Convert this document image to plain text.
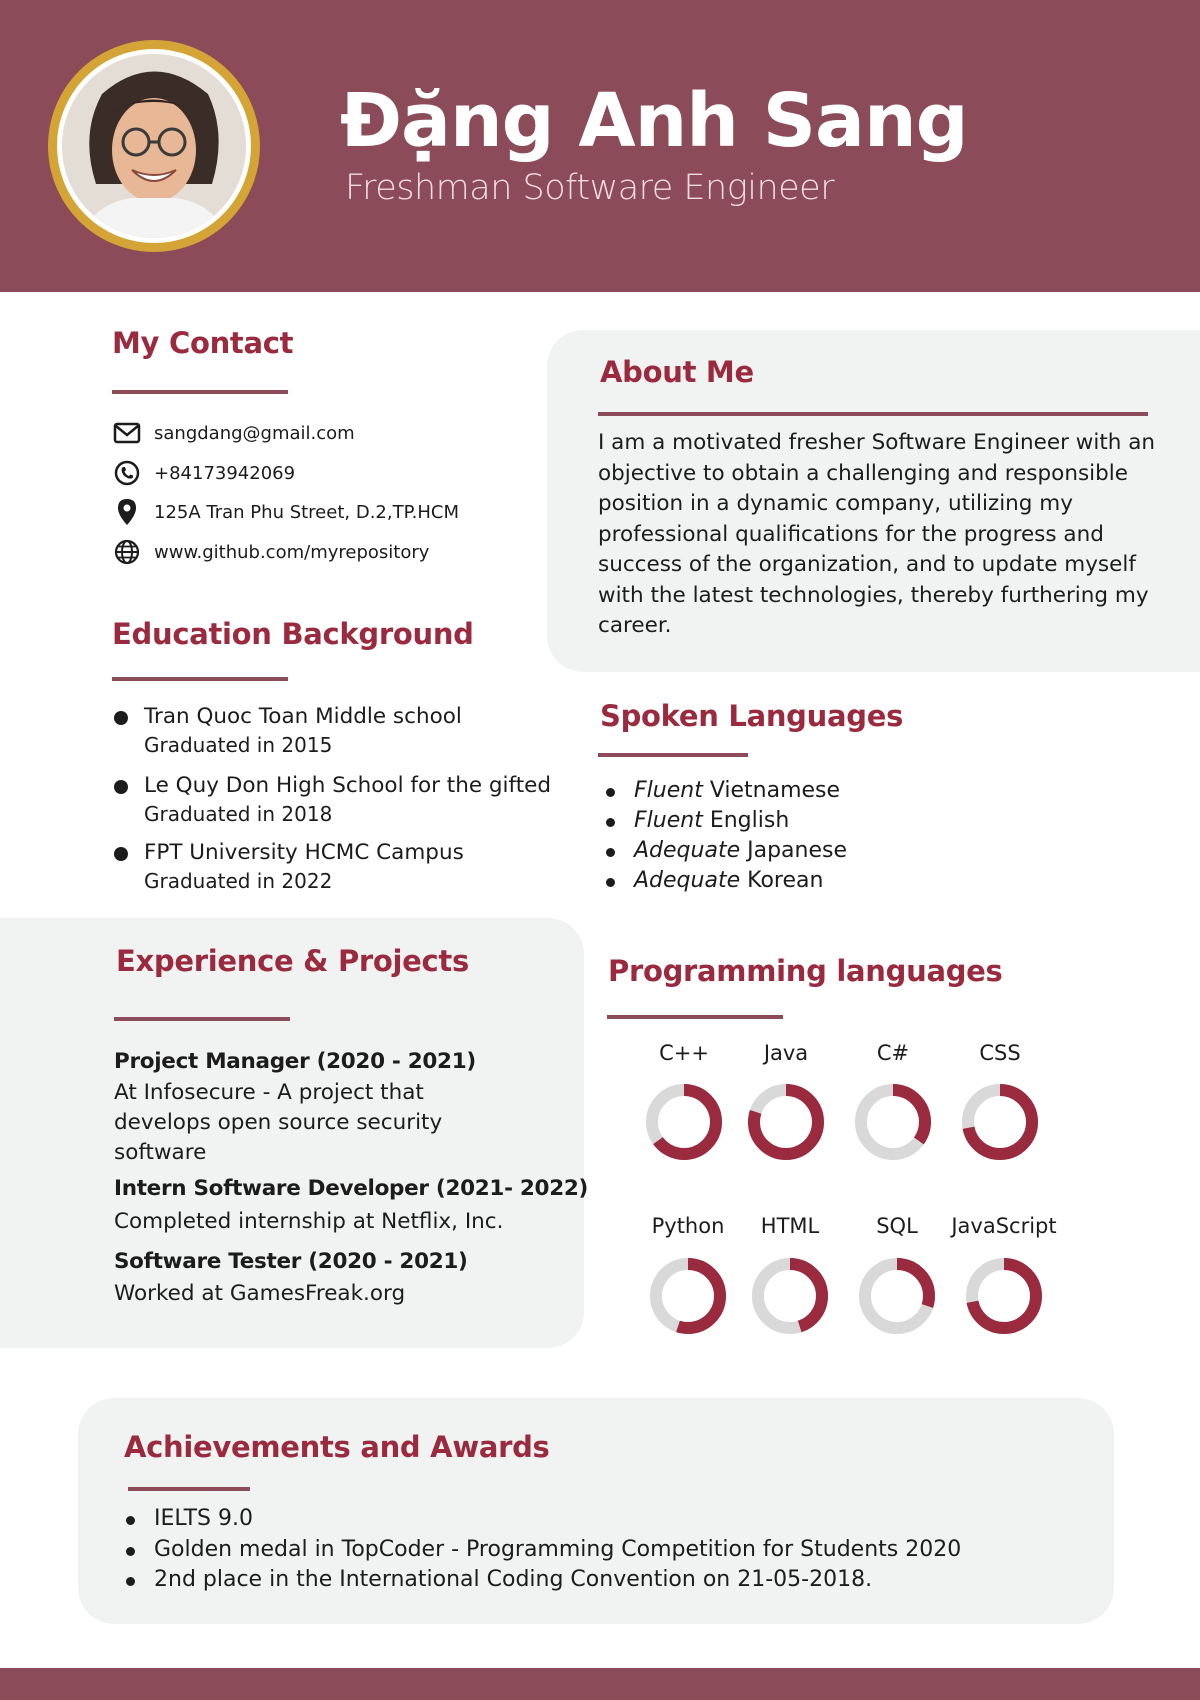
Đặng Anh Sang
Freshman Software Engineer
My Contact
sangdang@gmail.com
+84173942069
125A Tran Phu Street, D.2,TP.HCM
www.github.com/myrepository
About Me
I am a motivated fresher Software Engineer with an objective to obtain a challenging and responsible position in a dynamic company, utilizing my professional qualifications for the progress and success of the organization, and to update myself with the latest technologies, thereby furthering my career.
Education Background
Tran Quoc Toan Middle school
Graduated in 2015
Le Quy Don High School for the gifted
Graduated in 2018
FPT University HCMC Campus
Graduated in 2022
Spoken Languages
Fluent Vietnamese
Fluent English
Adequate Japanese
Adequate Korean
Experience & Projects
Project Manager (2020 - 2021)
At Infosecure - A project that develops open source security software
Intern Software Developer (2021- 2022)
Completed internship at Netflix, Inc.
Software Tester (2020 - 2021)
Worked at GamesFreak.org
Programming languages
C++	Java	C#	CSS
Python HTML	SQL JavaScript
Achievements and Awards
IELTS 9.0
Golden medal in TopCoder - Programming Competition for Students 2020
2nd place in the International Coding Convention on 21-05-2018.
